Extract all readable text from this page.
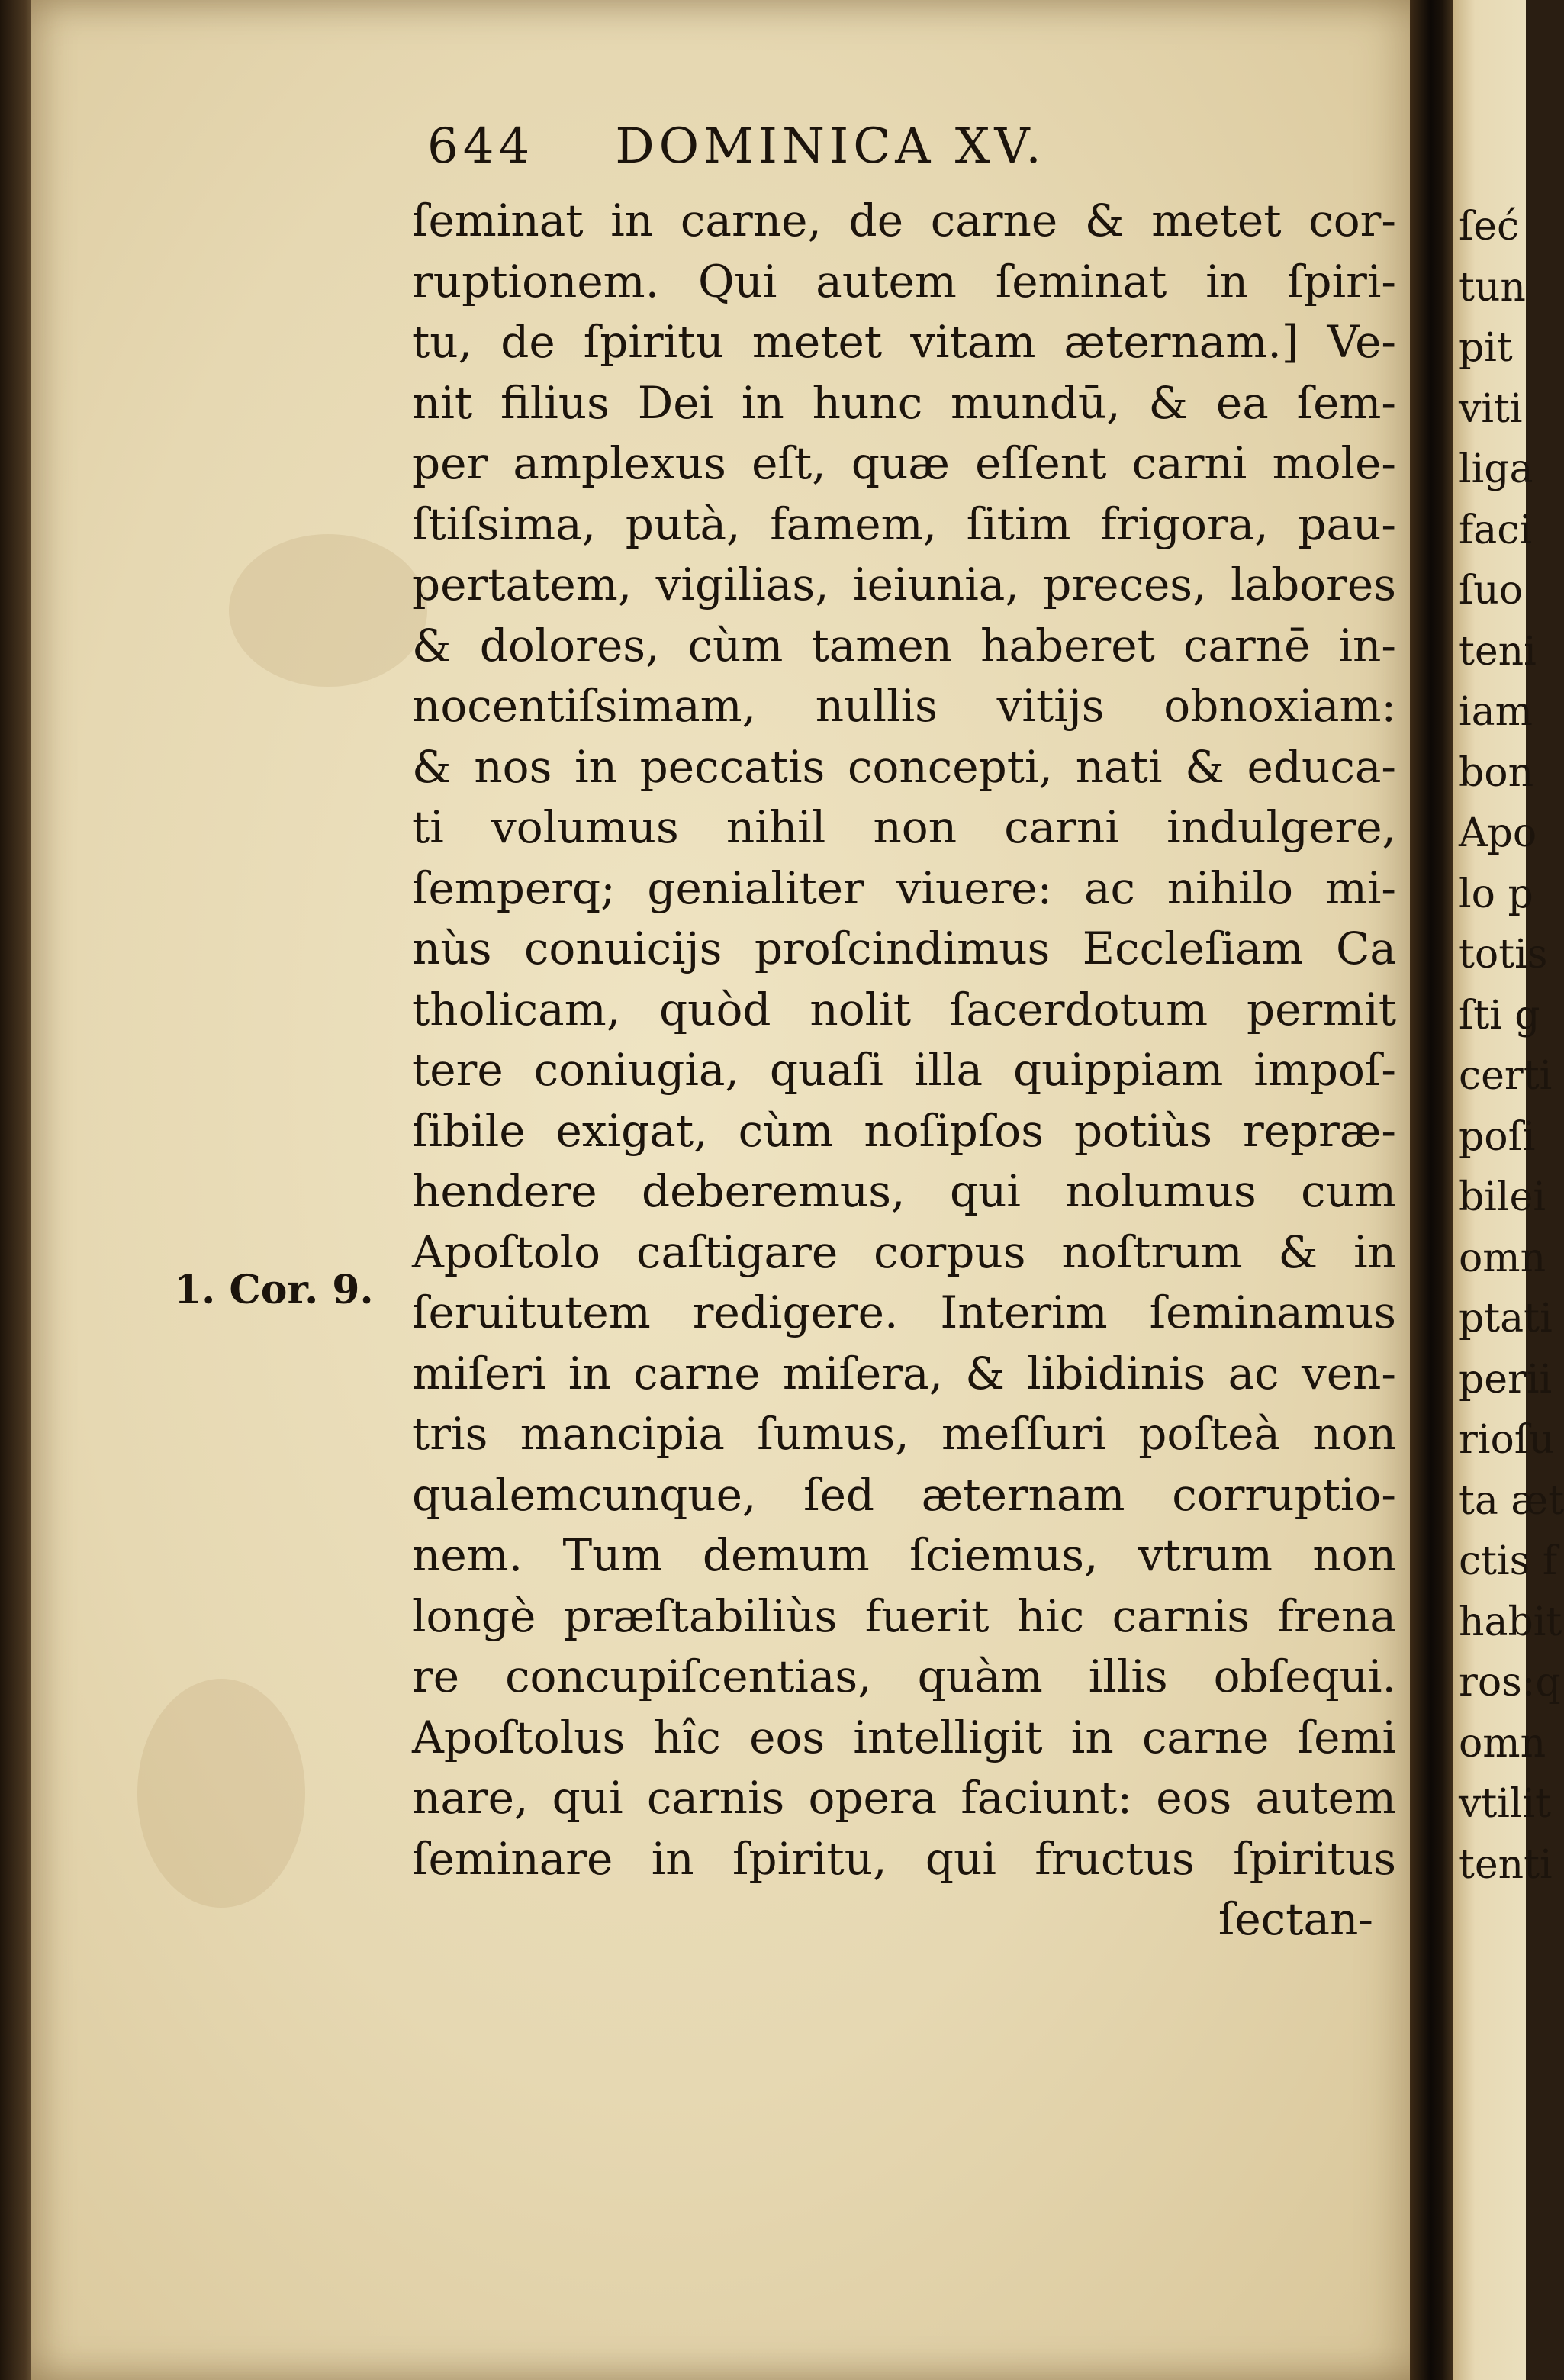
644 DOMINICA XV.
1. Cor. 9.
ſeminat in carne, de carne & metet cor-
ruptionem. Qui autem ſeminat in ſpiri-
tu, de ſpiritu metet vitam æternam.] Ve-
nit filius Dei in hunc mundū, & ea ſem-
per amplexus eſt, quæ eſſent carni mole-
ſtiſsima, putà, famem, ſitim frigora, pau-
pertatem, vigilias, ieiunia, preces, labores
& dolores, cùm tamen haberet carnē in-
nocentiſsimam, nullis vitijs obnoxiam:
& nos in peccatis concepti, nati & educa-
ti volumus nihil non carni indulgere,
ſemperq; genialiter viuere: ac nihilo mi-
nùs conuicijs proſcindimus Eccleſiam Ca
tholicam, quòd nolit ſacerdotum permit
tere coniugia, quaſi illa quippiam impoſ-
ſibile exigat, cùm noſipſos potiùs repræ-
hendere deberemus, qui nolumus cum
Apoſtolo caſtigare corpus noſtrum & in
ſeruitutem redigere. Interim ſeminamus
miſeri in carne miſera, & libidinis ac ven-
tris mancipia ſumus, meſſuri poſteà non
qualemcunque, ſed æternam corruptio-
nem. Tum demum ſciemus, vtrum non
longè præſtabiliùs fuerit hic carnis frena
re concupiſcentias, quàm illis obſequi.
Apoſtolus hîc eos intelligit in carne ſemi
nare, qui carnis opera faciunt: eos autem
ſeminare in ſpiritu, qui fructus ſpiritus
ſectan-
ſeć
tun
pit
viti
liga
faci
ſuo
teni
iam
bon
Apo
lo p
totis
ſti g
certi
poſi
bilei
omn
ptati
perii
rioſu
ta æt
ctis f
habit
ros:q
omn
vtilit
tenti
